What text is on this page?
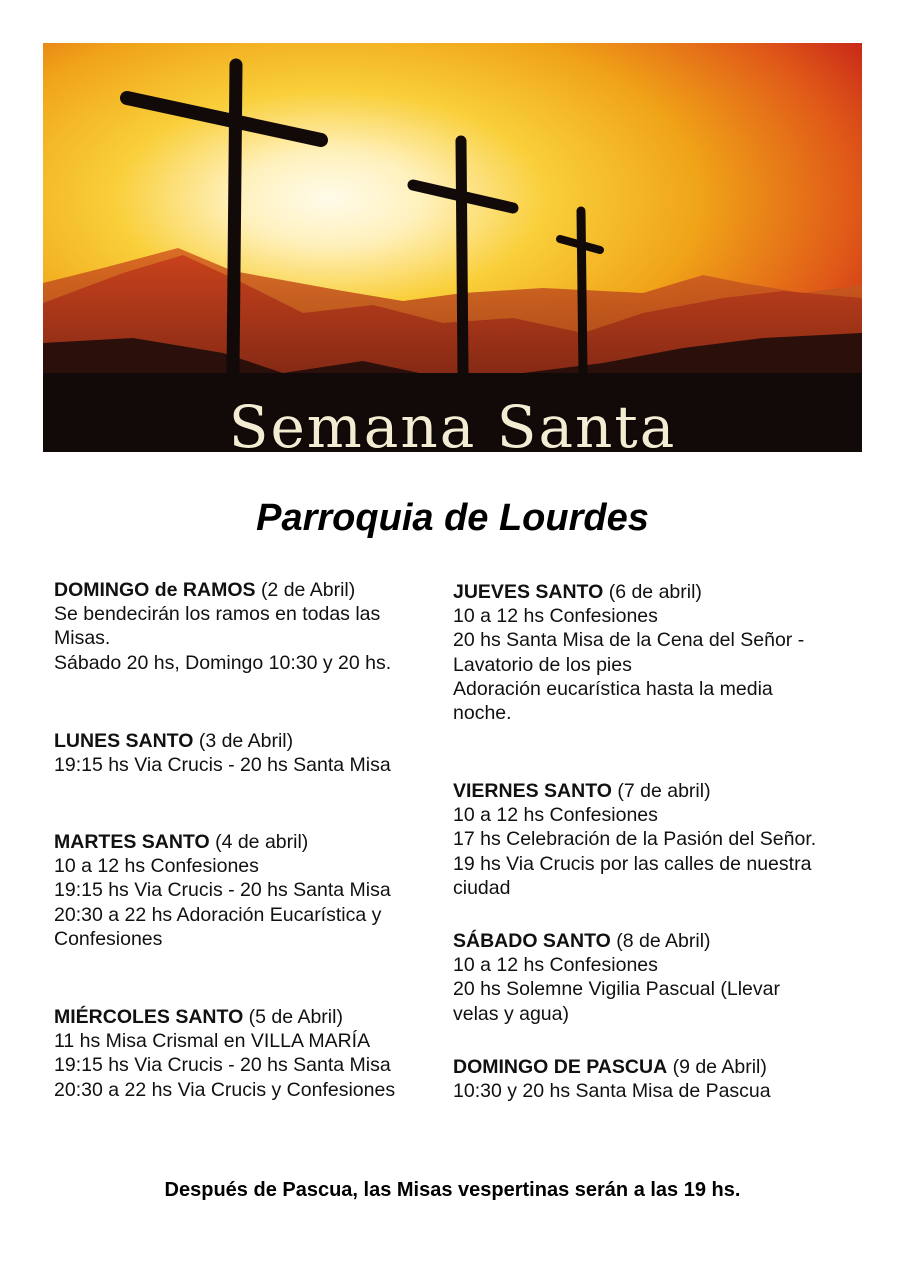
Semana Santa
Parroquia de Lourdes
DOMINGO de RAMOS (2 de Abril)
Se bendecirán los ramos en todas las
Misas.
Sábado 20 hs, Domingo 10:30 y 20 hs.
LUNES SANTO (3 de Abril)
19:15 hs Via Crucis - 20 hs Santa Misa
MARTES SANTO (4 de abril)
10 a 12 hs Confesiones
19:15 hs Via Crucis - 20 hs Santa Misa
20:30 a 22 hs Adoración Eucarística y
Confesiones
MIÉRCOLES SANTO (5 de Abril)
11 hs Misa Crismal en VILLA MARÍA
19:15 hs Via Crucis - 20 hs Santa Misa
20:30 a 22 hs Via Crucis y Confesiones
JUEVES SANTO (6 de abril)
10 a 12 hs Confesiones
20 hs Santa Misa de la Cena del Señor -
Lavatorio de los pies
Adoración eucarística hasta la media
noche.
VIERNES SANTO (7 de abril)
10 a 12 hs Confesiones
17 hs Celebración de la Pasión del Señor.
19 hs Via Crucis por las calles de nuestra
ciudad
SÁBADO SANTO (8 de Abril)
10 a 12 hs Confesiones
20 hs Solemne Vigilia Pascual (Llevar
velas y agua)
DOMINGO DE PASCUA (9 de Abril)
10:30 y 20 hs Santa Misa de Pascua
Después de Pascua, las Misas vespertinas serán a las 19 hs.
